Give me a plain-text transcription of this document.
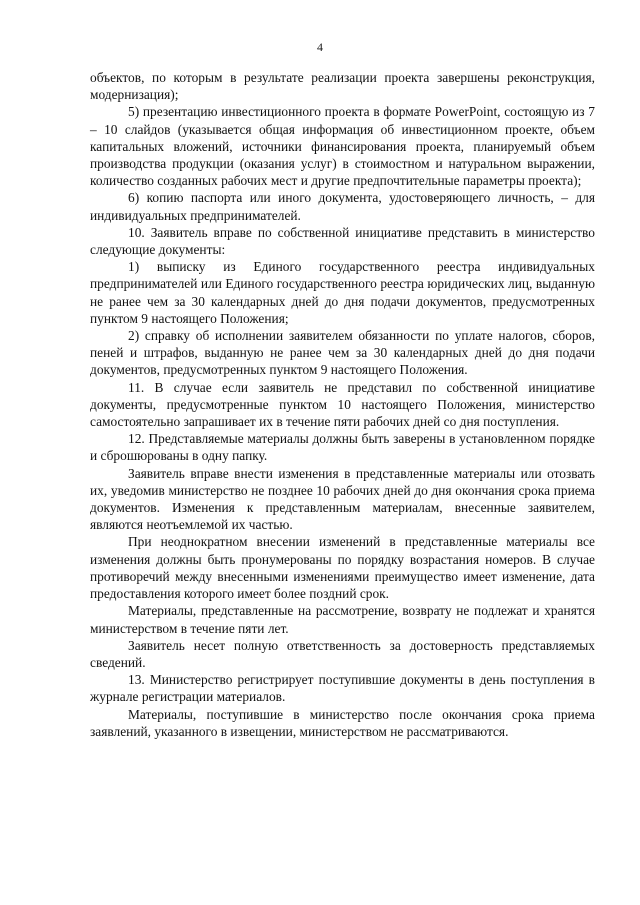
4

объектов, по которым в результате реализации проекта завершены реконструкция, модернизация);

5) презентацию инвестиционного проекта в формате PowerPoint, состоящую из 7 – 10 слайдов (указывается общая информация об инвестиционном проекте, объем капитальных вложений, источники финансирования проекта, планируемый объем производства продукции (оказания услуг) в стоимостном и натуральном выражении, количество созданных рабочих мест и другие предпочтительные параметры проекта);

6) копию паспорта или иного документа, удостоверяющего личность, – для индивидуальных предпринимателей.

10. Заявитель вправе по собственной инициативе представить в министерство следующие документы:

1) выписку из Единого государственного реестра индивидуальных предпринимателей или Единого государственного реестра юридических лиц, выданную не ранее чем за 30 календарных дней до дня подачи документов, предусмотренных пунктом 9 настоящего Положения;

2) справку об исполнении заявителем обязанности по уплате налогов, сборов, пеней и штрафов, выданную не ранее чем за 30 календарных дней до дня подачи документов, предусмотренных пунктом 9 настоящего Положения.

11. В случае если заявитель не представил по собственной инициативе документы, предусмотренные пунктом 10 настоящего Положения, министерство самостоятельно запрашивает их в течение пяти рабочих дней со дня поступления.

12. Представляемые материалы должны быть заверены в установленном порядке и сброшюрованы в одну папку.

Заявитель вправе внести изменения в представленные материалы или отозвать их, уведомив министерство не позднее 10 рабочих дней до дня окончания срока приема документов. Изменения к представленным материалам, внесенные заявителем, являются неотъемлемой их частью.

При неоднократном внесении изменений в представленные материалы все изменения должны быть пронумерованы по порядку возрастания номеров. В случае противоречий между внесенными изменениями преимущество имеет изменение, дата предоставления которого имеет более поздний срок.

Материалы, представленные на рассмотрение, возврату не подлежат и хранятся министерством в течение пяти лет.

Заявитель несет полную ответственность за достоверность представляемых сведений.

13. Министерство регистрирует поступившие документы в день поступления в журнале регистрации материалов.

Материалы, поступившие в министерство после окончания срока приема заявлений, указанного в извещении, министерством не рассматриваются.
